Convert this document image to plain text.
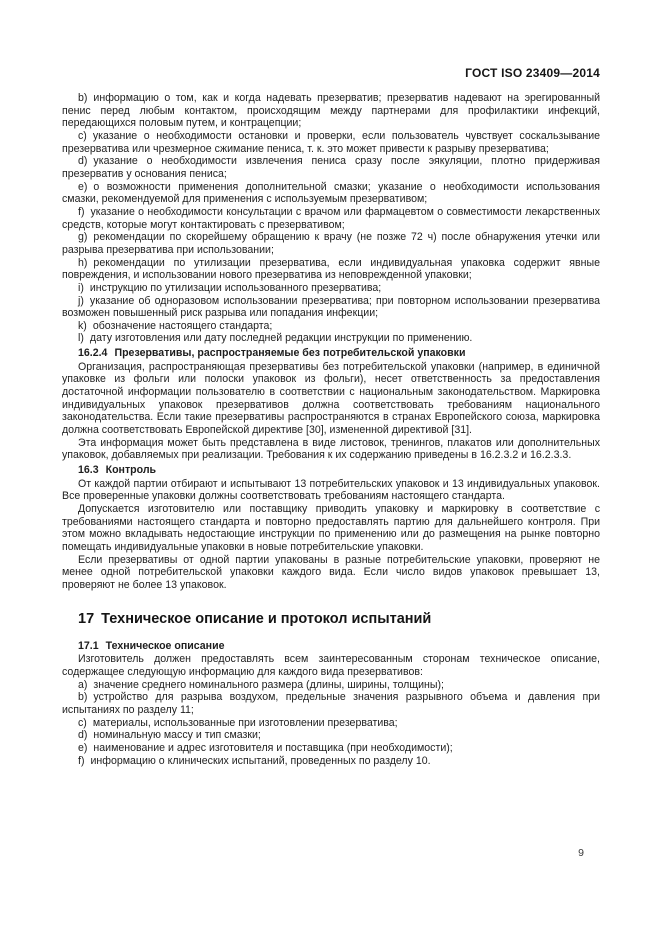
ГОСТ ISO 23409—2014

b) информацию о том, как и когда надевать презерватив; презерватив надевают на эрегированный пенис перед любым контактом, происходящим между партнерами для профилактики инфекций, передающихся половым путем, и контрацепции;

c) указание о необходимости остановки и проверки, если пользователь чувствует соскальзывание презерватива или чрезмерное сжимание пениса, т. к. это может привести к разрыву презерватива;

d) указание о необходимости извлечения пениса сразу после эякуляции, плотно придерживая презерватив у основания пениса;

e) о возможности применения дополнительной смазки; указание о необходимости использования смазки, рекомендуемой для применения с используемым презервативом;

f) указание о необходимости консультации с врачом или фармацевтом о совместимости лекарственных средств, которые могут контактировать с презервативом;

g) рекомендации по скорейшему обращению к врачу (не позже 72 ч) после обнаружения утечки или разрыва презерватива при использовании;

h) рекомендации по утилизации презерватива, если индивидуальная упаковка содержит явные повреждения, и использовании нового презерватива из неповрежденной упаковки;

i) инструкцию по утилизации использованного презерватива;

j) указание об одноразовом использовании презерватива; при повторном использовании презерватива возможен повышенный риск разрыва или попадания инфекции;

k) обозначение настоящего стандарта;

l) дату изготовления или дату последней редакции инструкции по применению.

16.2.4 Презервативы, распространяемые без потребительской упаковки

Организация, распространяющая презервативы без потребительской упаковки (например, в единичной упаковке из фольги или полоски упаковок из фольги), несет ответственность за предоставления достаточной информации пользователю в соответствии с национальным законодательством. Маркировка индивидуальных упаковок презервативов должна соответствовать требованиям национального законодательства. Если такие презервативы распространяются в странах Европейского союза, маркировка должна соответствовать Европейской директиве [30], измененной директивой [31].

Эта информация может быть представлена в виде листовок, тренингов, плакатов или дополнительных упаковок, добавляемых при реализации. Требования к их содержанию приведены в 16.2.3.2 и 16.2.3.3.

16.3 Контроль

От каждой партии отбирают и испытывают 13 потребительских упаковок и 13 индивидуальных упаковок. Все проверенные упаковки должны соответствовать требованиям настоящего стандарта.

Допускается изготовителю или поставщику приводить упаковку и маркировку в соответствие с требованиями настоящего стандарта и повторно предоставлять партию для дальнейшего контроля. При этом можно вкладывать недостающие инструкции по применению или до размещения на рынке повторно помещать индивидуальные упаковки в новые потребительские упаковки.

Если презервативы от одной партии упакованы в разные потребительские упаковки, проверяют не менее одной потребительской упаковки каждого вида. Если число видов упаковок превышает 13, проверяют не более 13 упаковок.

17 Техническое описание и протокол испытаний

17.1 Техническое описание

Изготовитель должен предоставлять всем заинтересованным сторонам техническое описание, содержащее следующую информацию для каждого вида презервативов:

a) значение среднего номинального размера (длины, ширины, толщины);

b) устройство для разрыва воздухом, предельные значения разрывного объема и давления при испытаниях по разделу 11;

c) материалы, использованные при изготовлении презерватива;

d) номинальную массу и тип смазки;

e) наименование и адрес изготовителя и поставщика (при необходимости);

f) информацию о клинических испытаний, проведенных по разделу 10.

9
